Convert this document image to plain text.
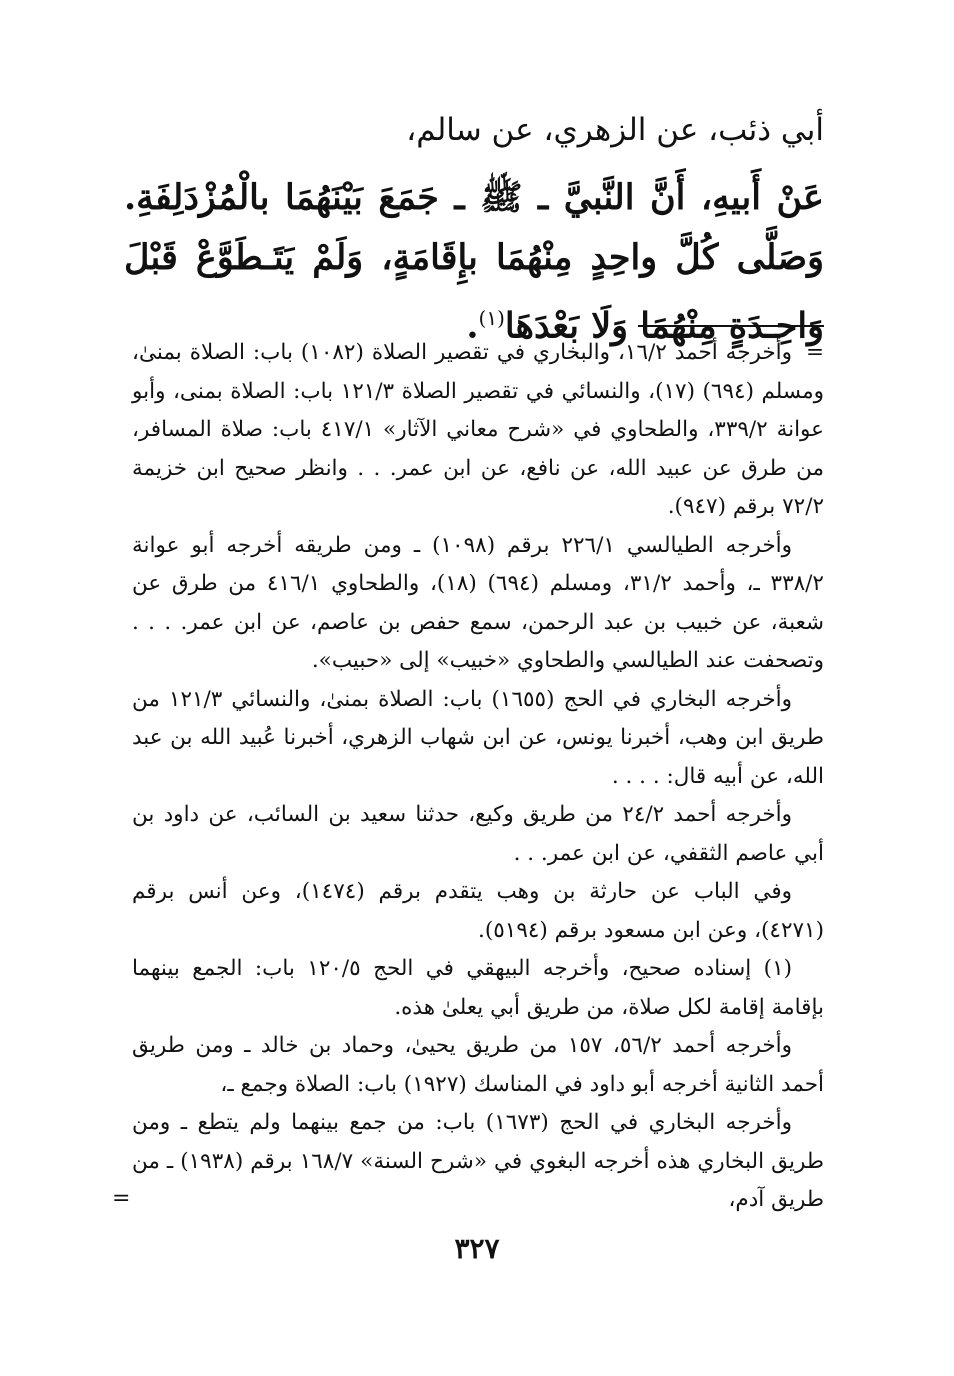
أبي ذئب، عن الزهري، عن سالم،
عَنْ أَبيهِ، أَنَّ النَّبيَّ ـ ﷺ ـ جَمَعَ بَيْنَهُمَا بالْمُزْدَلِفَةِ. وَصَلَّى كُلَّ واحِدٍ مِنْهُمَا بإِقَامَةٍ، وَلَمْ يَتَـطَوَّعْ قَبْلَ وَاحِـدَةٍ مِنْهُمَا وَلَا بَعْدَهَا$^{(١)}$.

=وأخرجه أحمد ١٦/٢، والبخاري في تقصير الصلاة (١٠٨٢) باب: الصلاة بمنىٰ، ومسلم (٦٩٤) (١٧)، والنسائي في تقصير الصلاة ١٢١/٣ باب: الصلاة بمنى، وأبو عوانة ٣٣٩/٢، والطحاوي في «شرح معاني الآثار» ٤١٧/١ باب: صلاة المسافر، من طرق عن عبيد الله، عن نافع، عن ابن عمر. . . وانظر صحيح ابن خزيمة ٧٢/٢ برقم (٩٤٧).

وأخرجه الطيالسي ٢٢٦/١ برقم (١٠٩٨) ـ ومن طريقه أخرجه أبو عوانة ٣٣٨/٢ ـ، وأحمد ٣١/٢، ومسلم (٦٩٤) (١٨)، والطحاوي ٤١٦/١ من طرق عن شعبة، عن خبيب بن عبد الرحمن، سمع حفص بن عاصم، عن ابن عمر. . . . وتصحفت عند الطيالسي والطحاوي «خبيب» إلى «حبيب».

وأخرجه البخاري في الحج (١٦٥٥) باب: الصلاة بمنىٰ، والنسائي ١٢١/٣ من طريق ابن وهب، أخبرنا يونس، عن ابن شهاب الزهري، أخبرنا عُبيد الله بن عبد الله، عن أبيه قال: . . . .

وأخرجه أحمد ٢٤/٢ من طريق وكيع، حدثنا سعيد بن السائب، عن داود بن أبي عاصم الثقفي، عن ابن عمر. . .

وفي الباب عن حارثة بن وهب يتقدم برقم (١٤٧٤)، وعن أنس برقم (٤٢٧١)، وعن ابن مسعود برقم (٥١٩٤).

(١) إسناده صحيح، وأخرجه البيهقي في الحج ١٢٠/٥ باب: الجمع بينهما بإقامة إقامة لكل صلاة، من طريق أبي يعلىٰ هذه.

وأخرجه أحمد ٥٦/٢، ١٥٧ من طريق يحيىٰ، وحماد بن خالد ـ ومن طريق أحمد الثانية أخرجه أبو داود في المناسك (١٩٢٧) باب: الصلاة وجمع ـ،

وأخرجه البخاري في الحج (١٦٧٣) باب: من جمع بينهما ولم يتطع ـ ومن طريق البخاري هذه أخرجه البغوي في «شرح السنة» ١٦٨/٧ برقم (١٩٣٨) ـ من طريق آدم،

=
٣٢٧
